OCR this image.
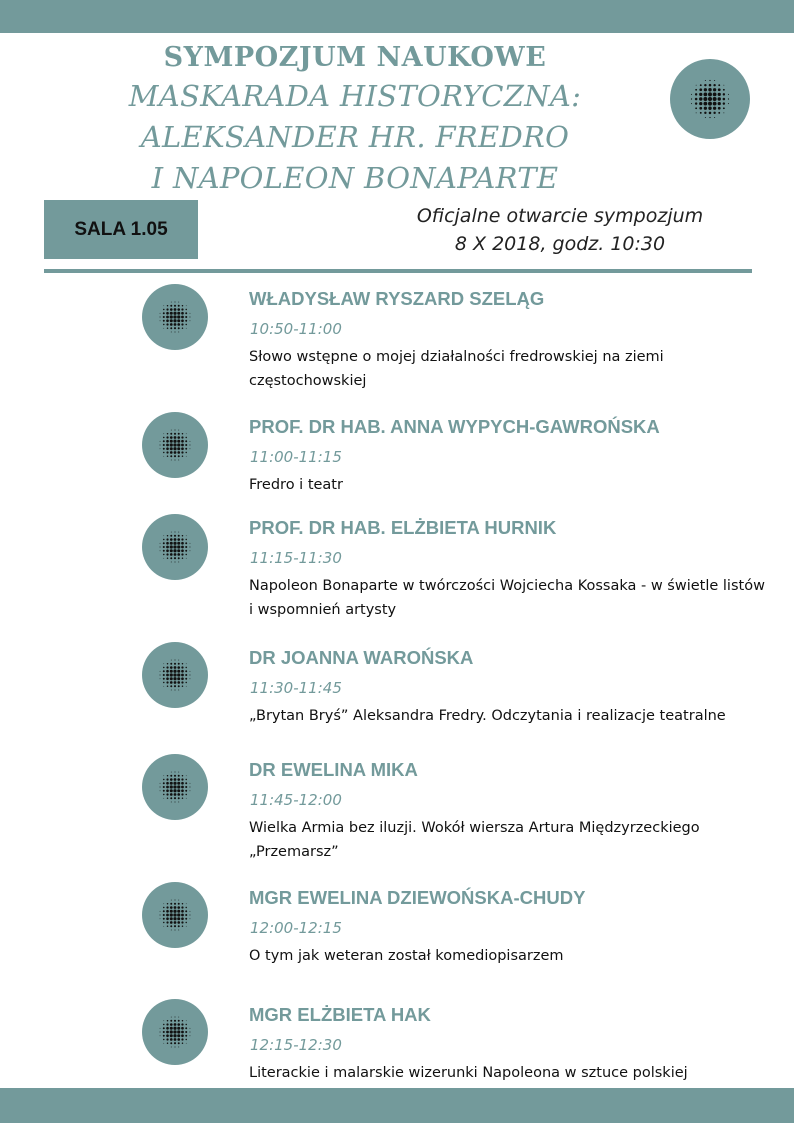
SYMPOZJUM NAUKOWE
MASKARADA HISTORYCZNA:
ALEKSANDER HR. FREDRO
I NAPOLEON BONAPARTE
SALA 1.05
Oficjalne otwarcie sympozjum
8 X 2018, godz. 10:30
WŁADYSŁAW RYSZARD SZELĄG
10:50-11:00
Słowo wstępne o mojej działalności fredrowskiej na ziemi częstochowskiej
PROF. DR HAB. ANNA WYPYCH-GAWROŃSKA
11:00-11:15
Fredro i teatr
PROF. DR HAB. ELŻBIETA HURNIK
11:15-11:30
Napoleon Bonaparte w twórczości Wojciecha Kossaka - w świetle listów i wspomnień artysty
DR JOANNA WAROŃSKA
11:30-11:45
„Brytan Bryś” Aleksandra Fredry. Odczytania i realizacje teatralne
DR EWELINA MIKA
11:45-12:00
Wielka Armia bez iluzji. Wokół wiersza Artura Międzyrzeckiego „Przemarsz”
MGR EWELINA DZIEWOŃSKA-CHUDY
12:00-12:15
O tym jak weteran został komediopisarzem
MGR ELŻBIETA HAK
12:15-12:30
Literackie i malarskie wizerunki Napoleona w sztuce polskiej
